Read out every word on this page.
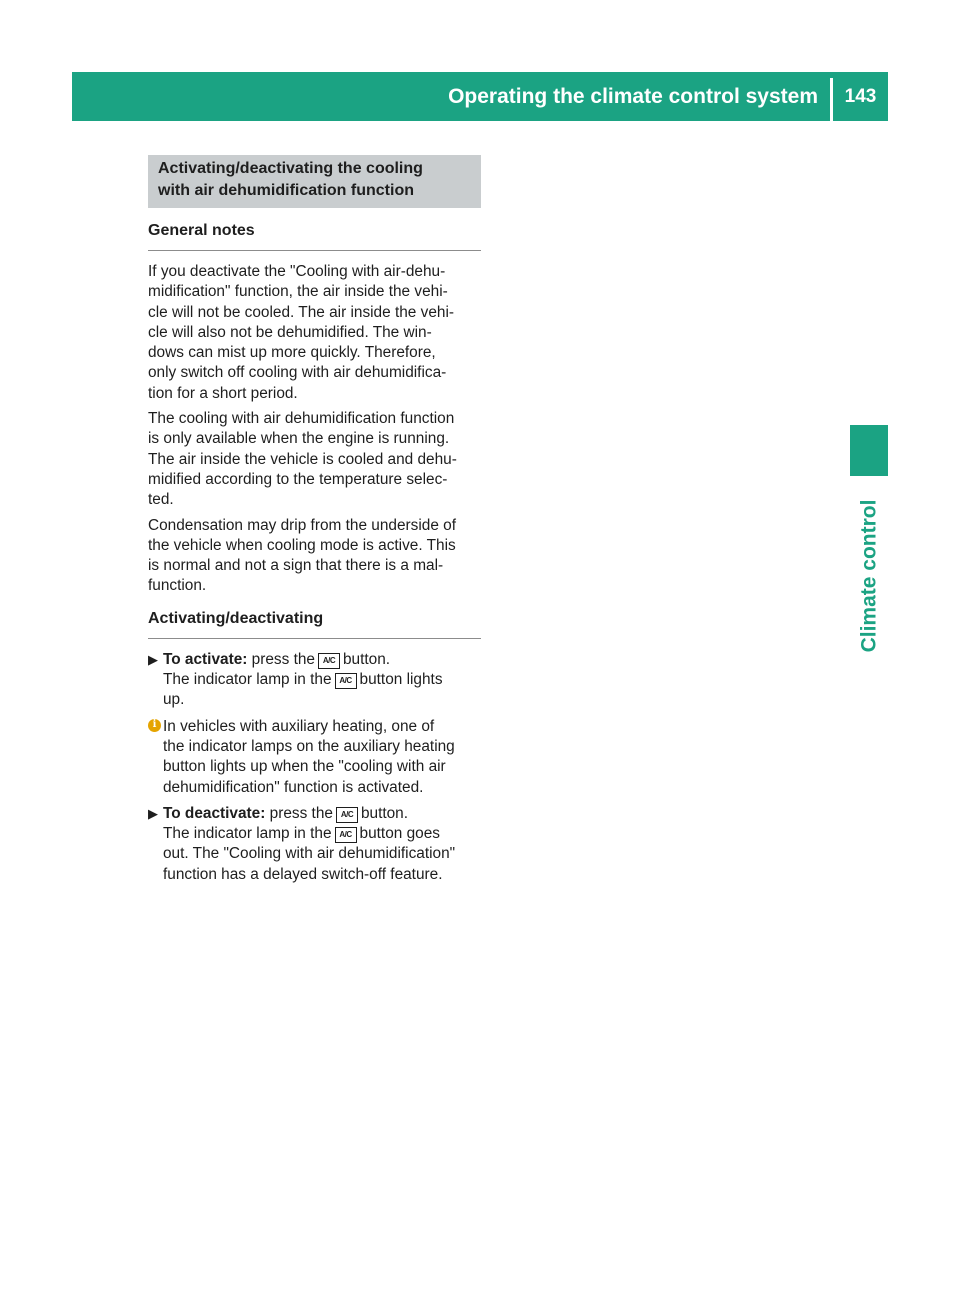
Operating the climate control system	143
Climate control

Activating/deactivating the cooling

with air dehumidification function

General notes

If you deactivate the "Cooling with air-dehu-
midification" function, the air inside the vehi-
cle will not be cooled. The air inside the vehi-
cle will also not be dehumidified. The win-
dows can mist up more quickly. Therefore,
only switch off cooling with air dehumidifica-
tion for a short period.

The cooling with air dehumidification function
is only available when the engine is running.
The air inside the vehicle is cooled and dehu-
midified according to the temperature selec-
ted.

Condensation may drip from the underside of
the vehicle when cooling mode is active. This
is normal and not a sign that there is a mal-
function.

Activating/deactivating
▶ To activate: press the A/C button.
The indicator lamp in the A/C button lights
up.
i In vehicles with auxiliary heating, one of
the indicator lamps on the auxiliary heating
button lights up when the "cooling with air
dehumidification" function is activated.
▶ To deactivate: press the A/C button.
The indicator lamp in the A/C button goes
out. The "Cooling with air dehumidification"
function has a delayed switch-off feature.
